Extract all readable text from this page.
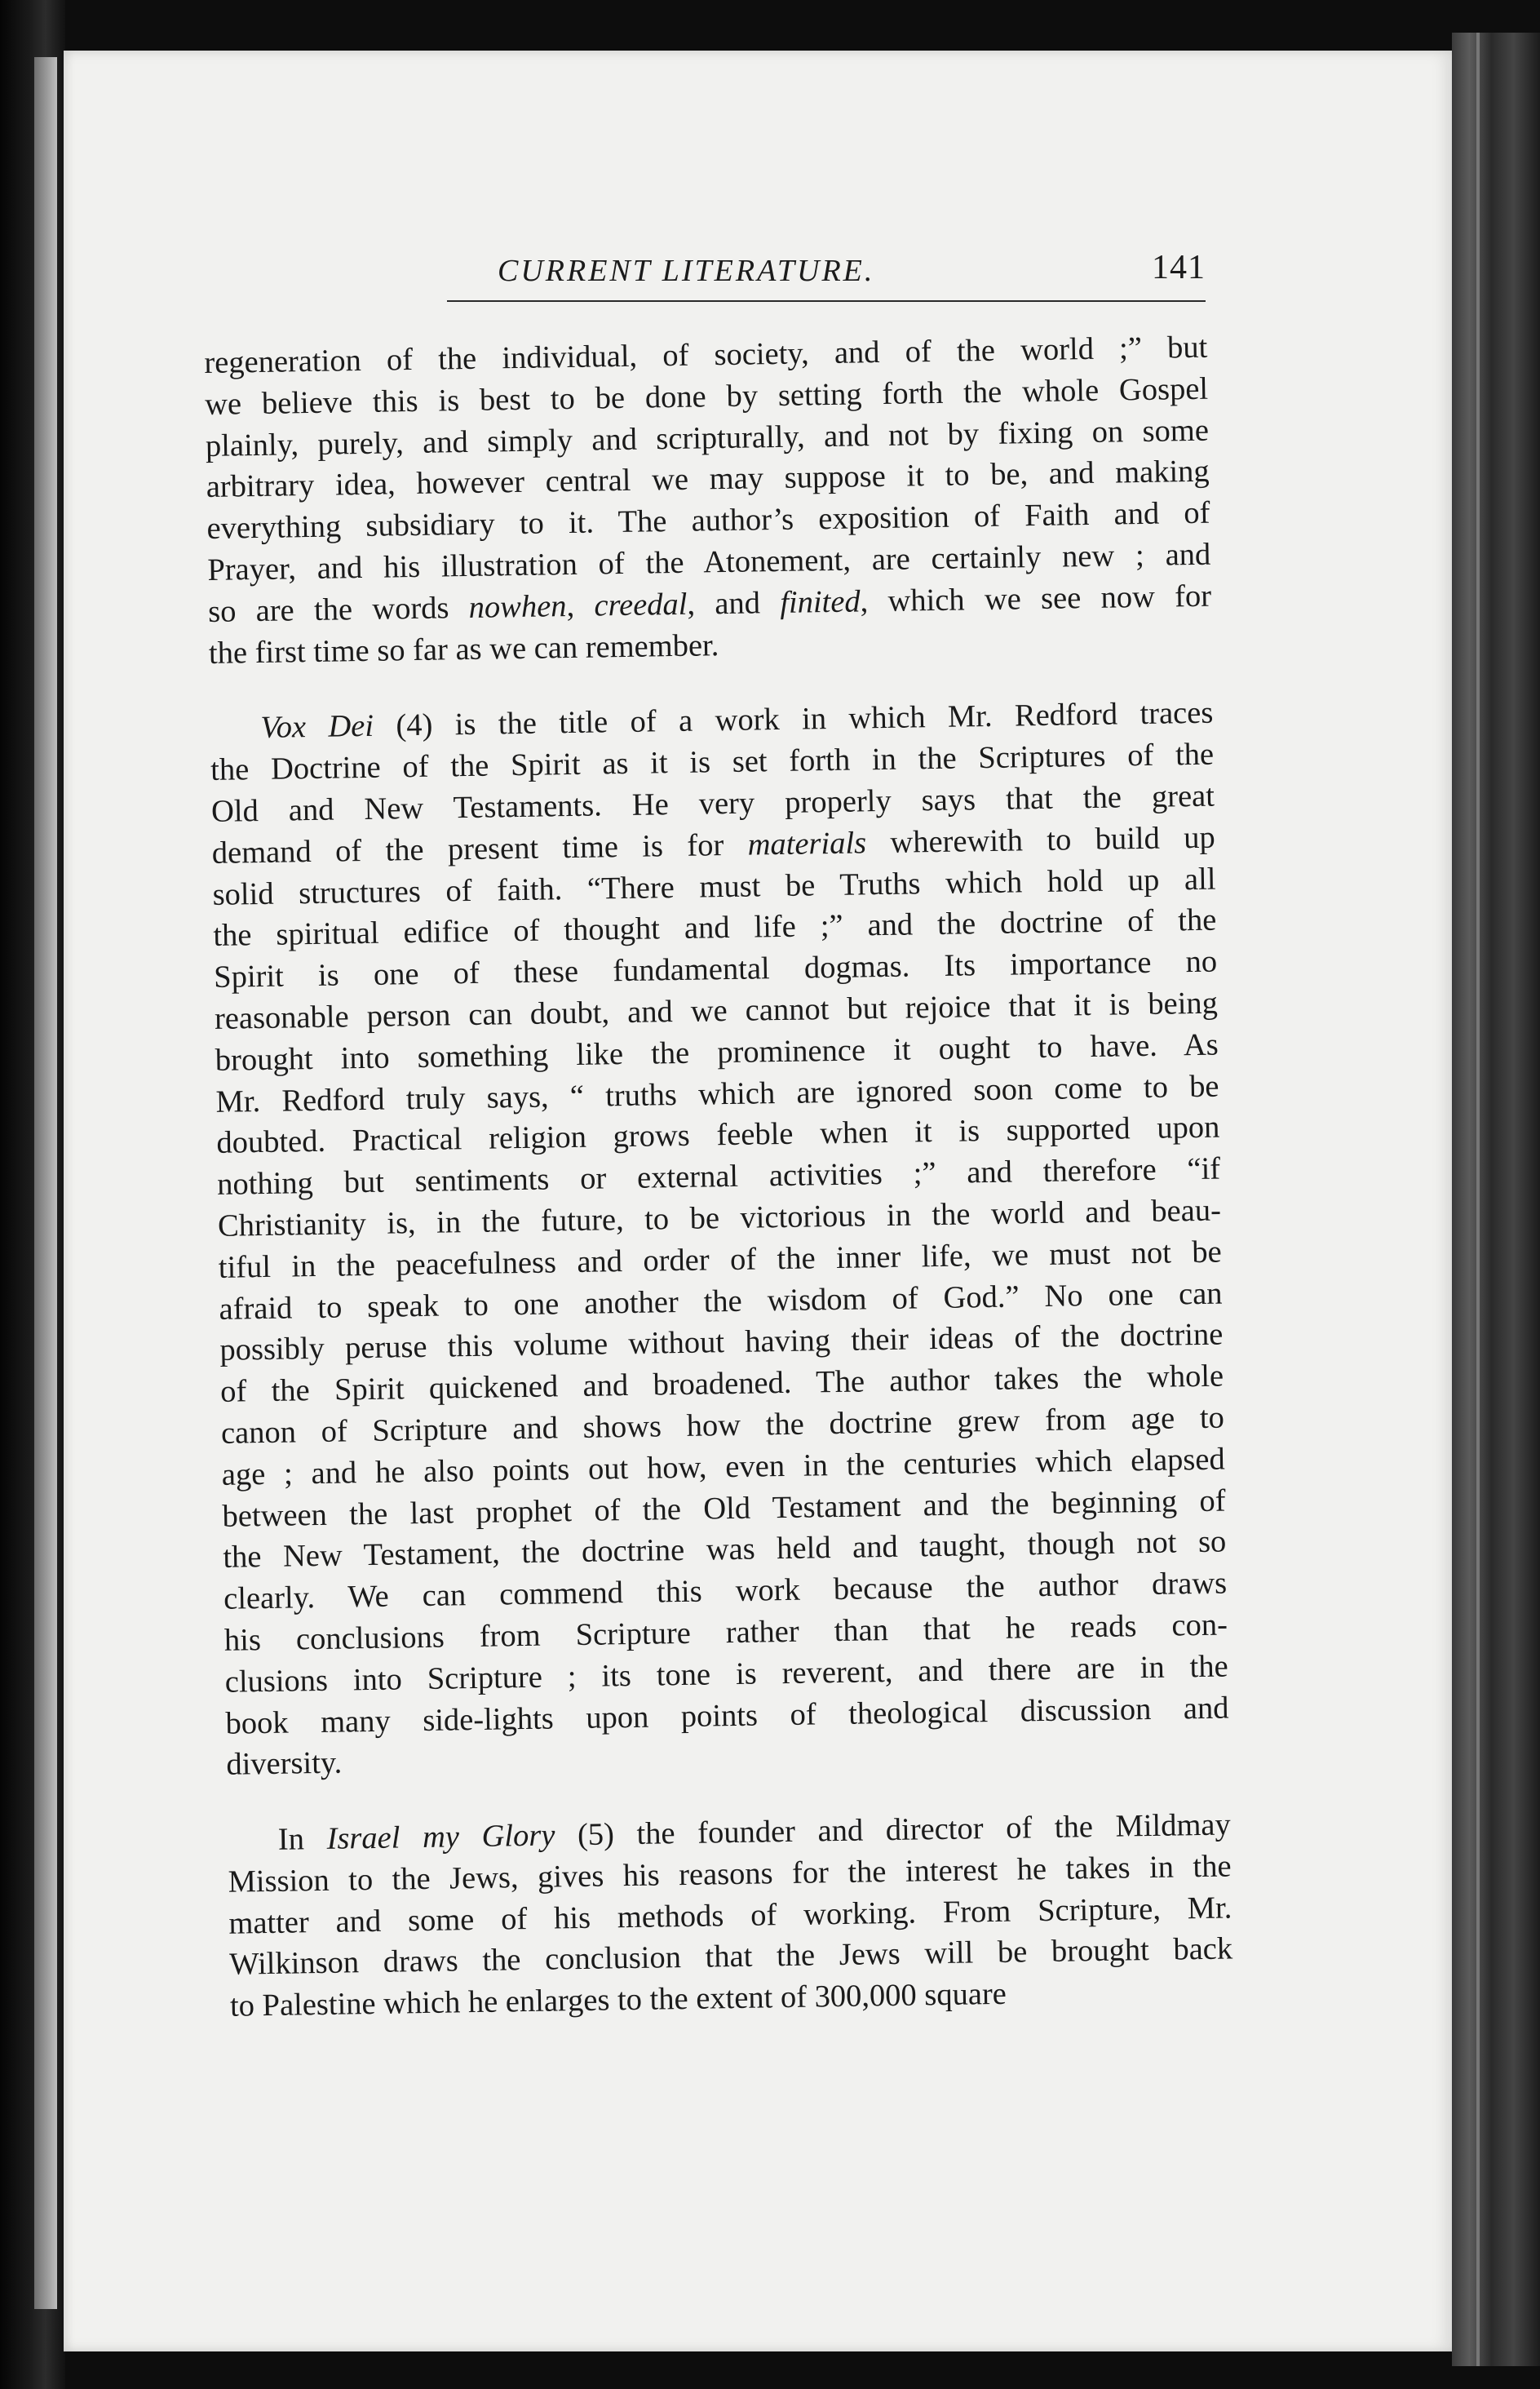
CURRENT LITERATURE.	141
regeneration of the individual, of society, and of the world ;” but
we believe this is best to be done by setting forth the whole Gospel
plainly, purely, and simply and scripturally, and not by fixing on some
arbitrary idea, however central we may suppose it to be, and making
everything subsidiary to it. The author’s exposition of Faith and of
Prayer, and his illustration of the Atonement, are certainly new ; and
so are the words nowhen, creedal, and finited, which we see now for
the first time so far as we can remember.
Vox Dei (4) is the title of a work in which Mr. Redford traces
the Doctrine of the Spirit as it is set forth in the Scriptures of the
Old and New Testaments. He very properly says that the great
demand of the present time is for materials wherewith to build up
solid structures of faith. “There must be Truths which hold up all
the spiritual edifice of thought and life ;” and the doctrine of the
Spirit is one of these fundamental dogmas. Its importance no
reasonable person can doubt, and we cannot but rejoice that it is being
brought into something like the prominence it ought to have. As
Mr. Redford truly says, “ truths which are ignored soon come to be
doubted. Practical religion grows feeble when it is supported upon
nothing but sentiments or external activities ;” and therefore “if
Christianity is, in the future, to be victorious in the world and beau-
tiful in the peacefulness and order of the inner life, we must not be
afraid to speak to one another the wisdom of God.” No one can
possibly peruse this volume without having their ideas of the doctrine
of the Spirit quickened and broadened. The author takes the whole
canon of Scripture and shows how the doctrine grew from age to
age ; and he also points out how, even in the centuries which elapsed
between the last prophet of the Old Testament and the beginning of
the New Testament, the doctrine was held and taught, though not so
clearly. We can commend this work because the author draws
his conclusions from Scripture rather than that he reads con-
clusions into Scripture ; its tone is reverent, and there are in the
book many side-lights upon points of theological discussion and
diversity.
In Israel my Glory (5) the founder and director of the Mildmay
Mission to the Jews, gives his reasons for the interest he takes in the
matter and some of his methods of working. From Scripture, Mr.
Wilkinson draws the conclusion that the Jews will be brought back
to Palestine which he enlarges to the extent of 300,000 square
